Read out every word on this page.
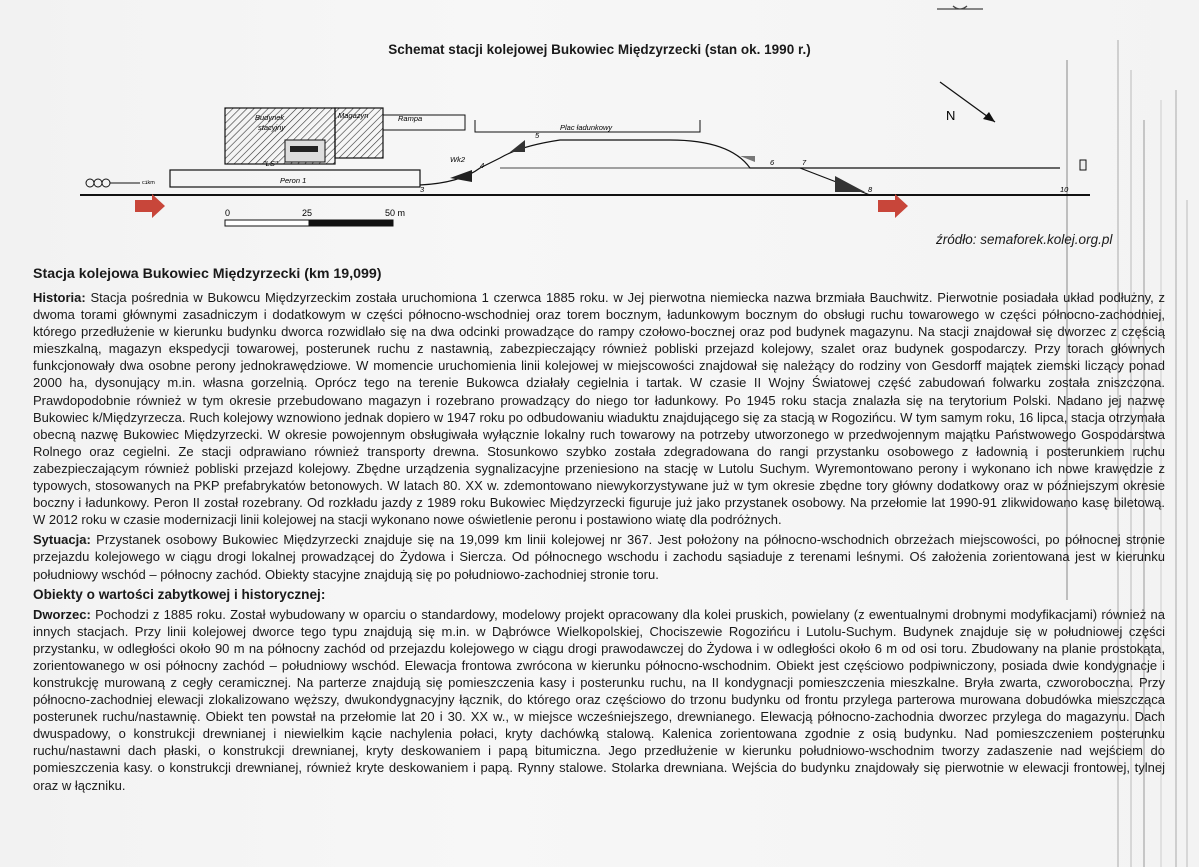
Schemat stacji kolejowej Bukowiec Międzyrzecki (stan ok. 1990 r.)
Budynek
stacyjny
"LS"
Magazyn	Rampa
Peron 1
Plac ładunkowy
Wk2
3
4
5
6	7
8	10
ᶜ¹ᵏᵐ
N
0	25	50 m
źródło: semaforek.kolej.org.pl
Stacja kolejowa Bukowiec Międzyrzecki (km 19,099)

Historia: Stacja pośrednia w Bukowcu Międzyrzeckim została uruchomiona 1 czerwca 1885 roku. w Jej pierwotna niemiecka nazwa brzmiała Bauchwitz. Pierwotnie posiadała układ podłużny, z dwoma torami głównymi zasadniczym i dodatkowym w części północno-wschodniej oraz torem bocznym, ładunkowym bocznym do obsługi ruchu towarowego w części północno-zachodniej, którego przedłużenie w kierunku budynku dworca rozwidlało się na dwa odcinki prowadzące do rampy czołowo-bocznej oraz pod budynek magazynu. Na stacji znajdował się dworzec z częścią mieszkalną, magazyn ekspedycji towarowej, posterunek ruchu z nastawnią, zabezpieczający również pobliski przejazd kolejowy, szalet oraz budynek gospodarczy. Przy torach głównych funkcjonowały dwa osobne perony jednokrawędziowe. W momencie uruchomienia linii kolejowej w miejscowości znajdował się należący do rodziny von Gesdorff majątek ziemski liczący ponad 2000 ha, dysonujący m.in. własna gorzelnią. Oprócz tego na terenie Bukowca działały cegielnia i tartak. W czasie II Wojny Światowej część zabudowań folwarku została zniszczona. Prawdopodobnie również w tym okresie przebudowano magazyn i rozebrano prowadzący do niego tor ładunkowy. Po 1945 roku stacja znalazła się na terytorium Polski. Nadano jej nazwę Bukowiec k/Międzyrzecza. Ruch kolejowy wznowiono jednak dopiero w 1947 roku po odbudowaniu wiaduktu znajdującego się za stacją w Rogozińcu. W tym samym roku, 16 lipca, stacja otrzymała obecną nazwę Bukowiec Międzyrzecki. W okresie powojennym obsługiwała wyłącznie lokalny ruch towarowy na potrzeby utworzonego w przedwojennym majątku Państwowego Gospodarstwa Rolnego oraz cegielni. Ze stacji odprawiano również transporty drewna. Stosunkowo szybko została zdegradowana do rangi przystanku osobowego z ładownią i posterunkiem ruchu zabezpieczającym również pobliski przejazd kolejowy. Zbędne urządzenia sygnalizacyjne przeniesiono na stację w Lutolu Suchym. Wyremontowano perony i wykonano ich nowe krawędzie z typowych, stosowanych na PKP prefabrykatów betonowych. W latach 80. XX w. zdemontowano niewykorzystywane już w tym okresie zbędne tory główny dodatkowy oraz w późniejszym okresie boczny i ładunkowy. Peron II został rozebrany. Od rozkładu jazdy z 1989 roku Bukowiec Międzyrzecki figuruje już jako przystanek osobowy. Na przełomie lat 1990-91 zlikwidowano kasę biletową. W 2012 roku w czasie modernizacji linii kolejowej na stacji wykonano nowe oświetlenie peronu i postawiono wiatę dla podróżnych.

Sytuacja: Przystanek osobowy Bukowiec Międzyrzecki znajduje się na 19,099 km linii kolejowej nr 367. Jest położony na północno-wschodnich obrzeżach miejscowości, po północnej stronie przejazdu kolejowego w ciągu drogi lokalnej prowadzącej do Żydowa i Siercza. Od północnego wschodu i zachodu sąsiaduje z terenami leśnymi. Oś założenia zorientowana jest w kierunku południowy wschód – północny zachód. Obiekty stacyjne znajdują się po południowo-zachodniej stronie toru.

Obiekty o wartości zabytkowej i historycznej:

Dworzec: Pochodzi z 1885 roku. Został wybudowany w oparciu o standardowy, modelowy projekt opracowany dla kolei pruskich, powielany (z ewentualnymi drobnymi modyfikacjami) również na innych stacjach. Przy linii kolejowej dworce tego typu znajdują się m.in. w Dąbrówce Wielkopolskiej, Chociszewie Rogozińcu i Lutolu-Suchym. Budynek znajduje się w południowej części przystanku, w odległości około 90 m na północny zachód od przejazdu kolejowego w ciągu drogi prawodawczej do Żydowa i w odległości około 6 m od osi toru. Zbudowany na planie prostokąta, zorientowanego w osi północny zachód – południowy wschód. Elewacja frontowa zwrócona w kierunku północno-wschodnim. Obiekt jest częściowo podpiwniczony, posiada dwie kondygnacje i konstrukcję murowaną z cegły ceramicznej. Na parterze znajdują się pomieszczenia kasy i posterunku ruchu, na II kondygnacji pomieszczenia mieszkalne. Bryła zwarta, czworoboczna. Przy północno-zachodniej elewacji zlokalizowano węższy, dwukondygnacyjny łącznik, do którego oraz częściowo do trzonu budynku od frontu przylega parterowa murowana dobudówka mieszcząca posterunek ruchu/nastawnię. Obiekt ten powstał na przełomie lat 20 i 30. XX w., w miejsce wcześniejszego, drewnianego. Elewacją północno-zachodnia dworzec przylega do magazynu. Dach dwuspadowy, o konstrukcji drewnianej i niewielkim kącie nachylenia połaci, kryty dachówką stalową. Kalenica zorientowana zgodnie z osią budynku. Nad pomieszczeniem posterunku ruchu/nastawni dach płaski, o konstrukcji drewnianej, kryty deskowaniem i papą bitumiczna. Jego przedłużenie w kierunku południowo-wschodnim tworzy zadaszenie nad wejściem do pomieszczenia kasy. o konstrukcji drewnianej, również kryte deskowaniem i papą. Rynny stalowe. Stolarka drewniana. Wejścia do budynku znajdowały się pierwotnie w elewacji frontowej, tylnej oraz w łączniku.
